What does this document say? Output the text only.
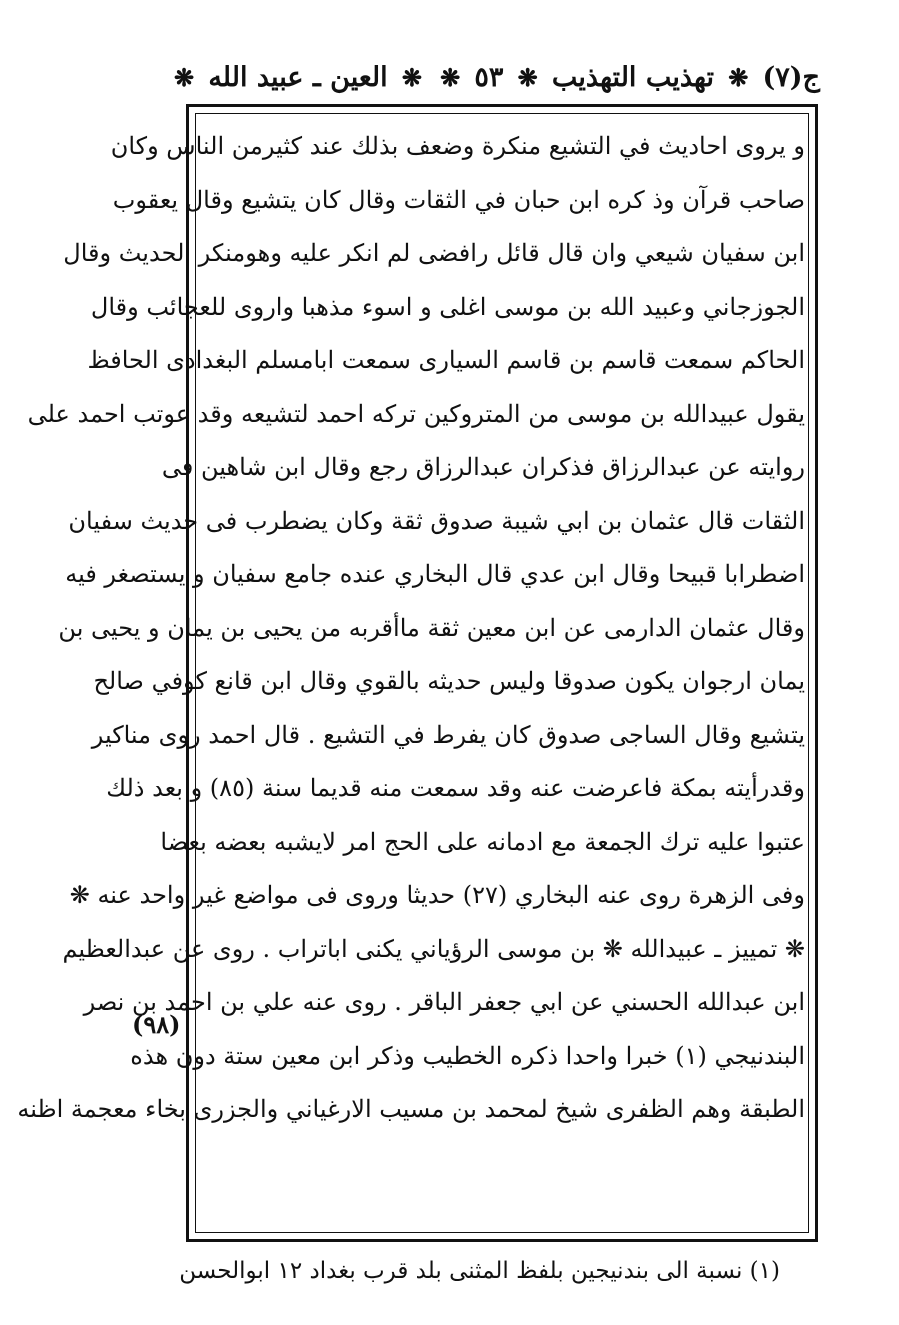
ج(٧)
❋
تهذيب التهذيب
❋
٥٣
❋
❋
العين ـ عبيد الله
❋
و يروى احاديث في التشيع منكرة وضعف بذلك عند كثيرمن الناس وكان
صاحب قرآن وذ كره ابن حبان في الثقات وقال كان يتشيع وقال يعقوب
ابن سفيان شيعي وان قال قائل رافضى لم انكر عليه وهومنكر الحديث وقال
الجوزجاني وعبيد الله بن موسى اغلى و اسوء مذهبا واروى للعجائب وقال
الحاكم سمعت قاسم بن قاسم السيارى سمعت ابامسلم البغدادى الحافظ
يقول عبيدالله بن موسى من المتروكين تركه احمد لتشيعه وقد عوتب احمد على
روايته عن عبدالرزاق فذكران عبدالرزاق رجع وقال ابن شاهين فى
الثقات قال عثمان بن ابي شيبة صدوق ثقة وكان يضطرب فى حديث سفيان
اضطرابا قبيحا وقال ابن عدي قال البخاري عنده جامع سفيان و يستصغر فيه
وقال عثمان الدارمى عن ابن معين ثقة ماأقربه من يحيى بن يمان و يحيى بن
يمان ارجوان يكون صدوقا وليس حديثه بالقوي وقال ابن قانع كوفي صالح
يتشيع وقال الساجى صدوق كان يفرط في التشيع . قال احمد روى مناكير
وقدرأيته بمكة فاعرضت عنه وقد سمعت منه قديما سنة (٨٥) و بعد ذلك
عتبوا عليه ترك الجمعة مع ادمانه على الحج امر لايشبه بعضه بعضا
وفى الزهرة روى عنه البخاري (٢٧) حديثا وروى فى مواضع غير واحد عنه ❋
❋ تمييز ـ عبيدالله ❋ بن موسى الرؤياني يكنى اباتراب . روى عن عبدالعظيم
ابن عبدالله الحسني عن ابي جعفر الباقر . روى عنه علي بن احمد بن نصر
البندنيجي (١) خبرا واحدا ذكره الخطيب وذكر ابن معين ستة دون هذه
الطبقة وهم الظفرى شيخ لمحمد بن مسيب الارغياني والجزرى بخاء معجمة اظنه
(٩٨)
(١) نسبة الى بندنيجين بلفظ المثنى بلد قرب بغداد ١٢ ابوالحسن
